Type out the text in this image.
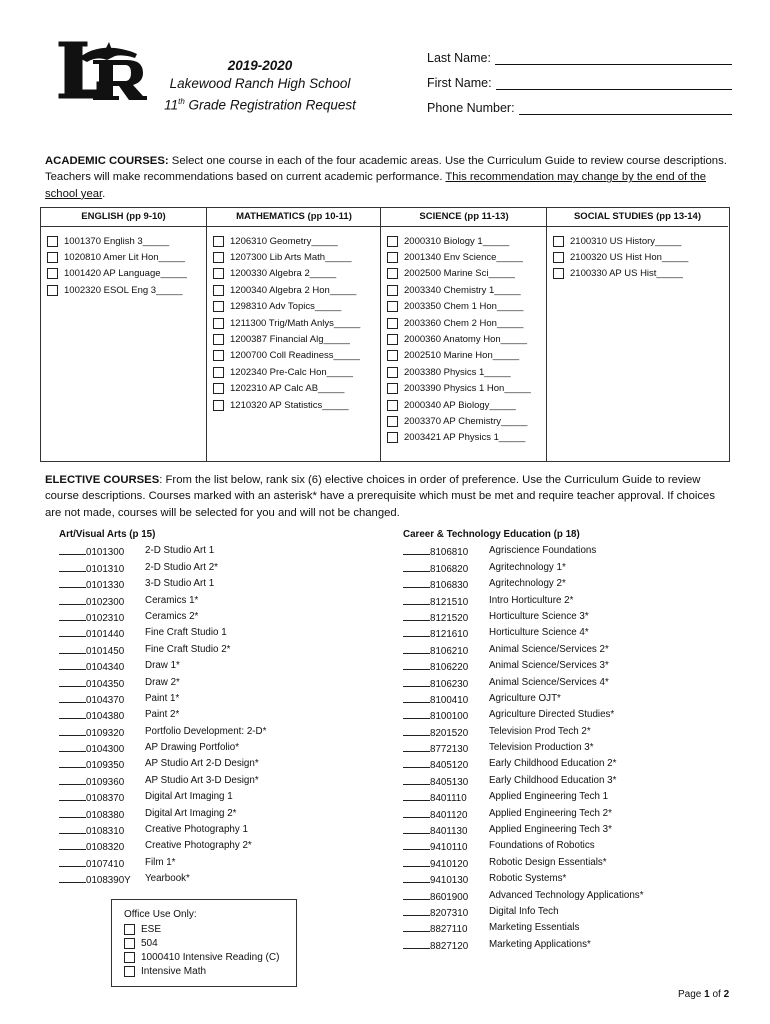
2019-2020
Lakewood Ranch High School
11th Grade Registration Request
Last Name:
First Name:
Phone Number:
ACADEMIC COURSES: Select one course in each of the four academic areas. Use the Curriculum Guide to review course descriptions. Teachers will make recommendations based on current academic performance. This recommendation may change by the end of the school year.
ENGLISH (pp 9-10)
1001370 English 3_____
1020810 Amer Lit Hon_____
1001420 AP Language_____
1002320 ESOL Eng 3_____
MATHEMATICS (pp 10-11)
1206310 Geometry_____
1207300 Lib Arts Math_____
1200330 Algebra 2_____
1200340 Algebra 2 Hon_____
1298310 Adv Topics_____
1211300 Trig/Math Anlys_____
1200387 Financial Alg_____
1200700 Coll Readiness_____
1202340 Pre-Calc Hon_____
1202310 AP Calc AB_____
1210320 AP Statistics_____
SCIENCE (pp 11-13)
2000310 Biology 1_____
2001340 Env Science_____
2002500 Marine Sci_____
2003340 Chemistry 1_____
2003350 Chem 1 Hon_____
2003360 Chem 2 Hon_____
2000360 Anatomy Hon_____
2002510 Marine Hon_____
2003380 Physics 1_____
2003390 Physics 1 Hon_____
2000340 AP Biology_____
2003370 AP Chemistry_____
2003421 AP Physics 1_____
SOCIAL STUDIES (pp 13-14)
2100310 US History_____
2100320 US Hist Hon_____
2100330 AP US Hist_____
ELECTIVE COURSES: From the list below, rank six (6) elective choices in order of preference. Use the Curriculum Guide to review course descriptions. Courses marked with an asterisk* have a prerequisite which must be met and require teacher approval. If choices are not made, courses will be selected for you and will not be changed.
Art/Visual Arts (p 15)
0101300	2-D Studio Art 1
0101310	2-D Studio Art 2*
0101330	3-D Studio Art 1
0102300	Ceramics 1*
0102310	Ceramics 2*
0101440	Fine Craft Studio 1
0101450	Fine Craft Studio 2*
0104340	Draw 1*
0104350	Draw 2*
0104370	Paint 1*
0104380	Paint 2*
0109320	Portfolio Development: 2-D*
0104300	AP Drawing Portfolio*
0109350	AP Studio Art 2-D Design*
0109360	AP Studio Art 3-D Design*
0108370	Digital Art Imaging 1
0108380	Digital Art Imaging 2*
0108310	Creative Photography 1
0108320	Creative Photography 2*
0107410	Film 1*
0108390Y	Yearbook*
Career & Technology Education (p 18)
8106810	Agriscience Foundations
8106820	Agritechnology 1*
8106830	Agritechnology 2*
8121510	Intro Horticulture 2*
8121520	Horticulture Science 3*
8121610	Horticulture Science 4*
8106210	Animal Science/Services 2*
8106220	Animal Science/Services 3*
8106230	Animal Science/Services 4*
8100410	Agriculture OJT*
8100100	Agriculture Directed Studies*
8201520	Television Prod Tech 2*
8772130	Television Production 3*
8405120	Early Childhood Education 2*
8405130	Early Childhood Education 3*
8401110	Applied Engineering Tech 1
8401120	Applied Engineering Tech 2*
8401130	Applied Engineering Tech 3*
9410110	Foundations of Robotics
9410120	Robotic Design Essentials*
9410130	Robotic Systems*
8601900	Advanced Technology Applications*
8207310	Digital Info Tech
8827110	Marketing Essentials
8827120	Marketing Applications*
Office Use Only:
ESE
504
1000410 Intensive Reading (C)
Intensive Math
Page 1 of 2
